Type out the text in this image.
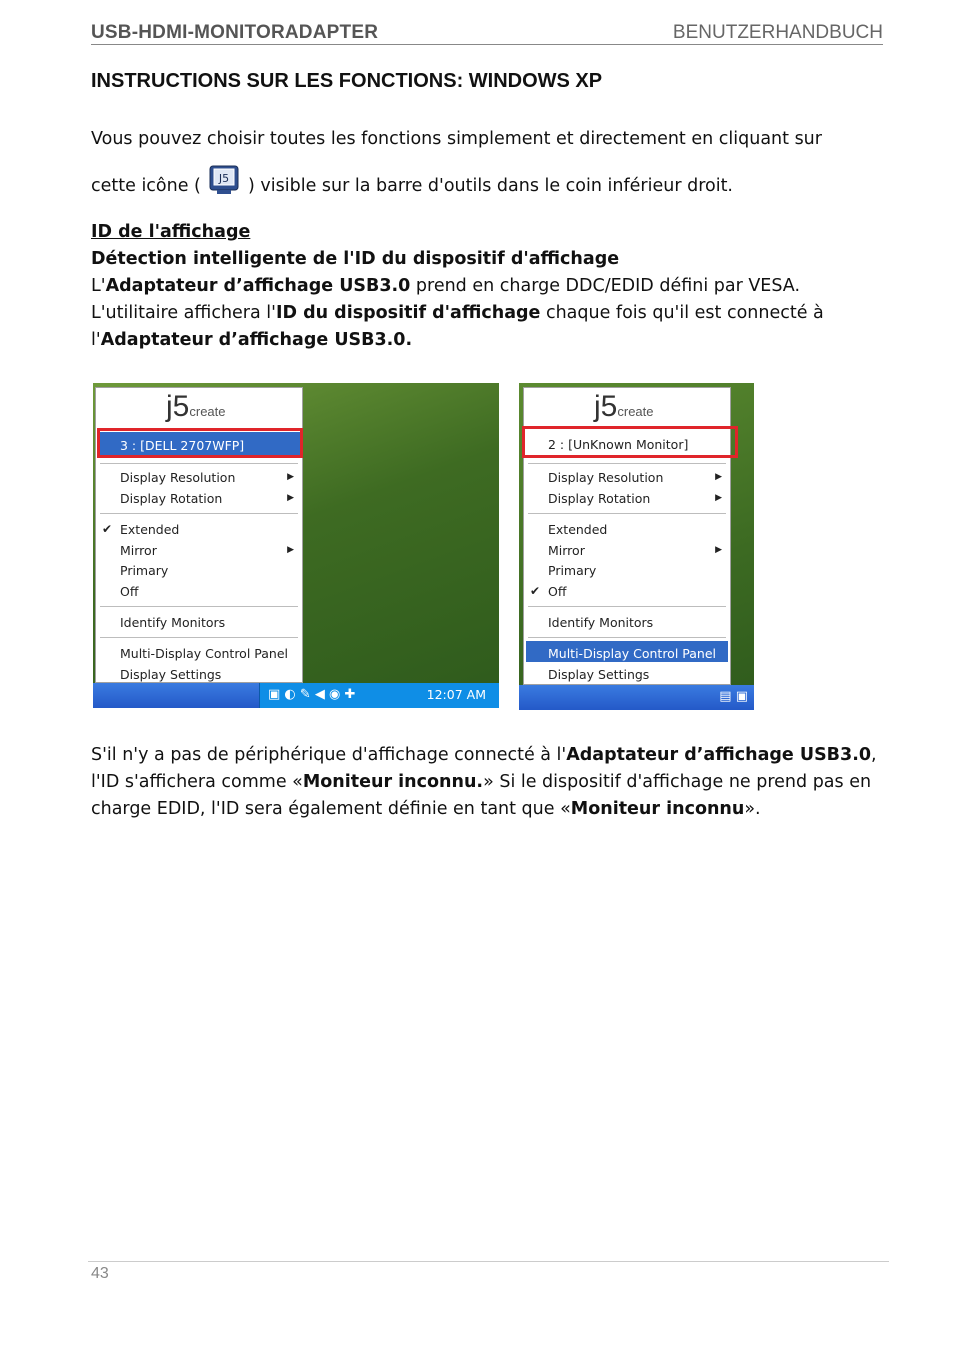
USB-HDMI-MONITORADAPTER	BENUTZERHANDBUCH
INSTRUCTIONS SUR LES FONCTIONS: WINDOWS XP
Vous pouvez choisir toutes les fonctions simplement et directement en cliquant sur
cette icône ( J5 ) visible sur la barre d'outils dans le coin inférieur droit.
ID de l'affichage
Détection intelligente de l'ID du dispositif d'affichage
L'Adaptateur d’affichage USB3.0 prend en charge DDC/EDID défini par VESA.
L'utilitaire affichera l'ID du dispositif d'affichage chaque fois qu'il est connecté à
l'Adaptateur d’affichage USB3.0.
j5create
3 : [DELL 2707WFP]
Display Resolution	▶
Display Rotation	▶
✔ Extended
Mirror	▶
Primary
Off
Identify Monitors
Multi-Display Control Panel
Display Settings
▣ ◐ ✎ ◀ ◉ ✚	12:07 AM
j5create
2 : [UnKnown Monitor]
Display Resolution	▶
Display Rotation	▶
Extended
Mirror	▶
Primary
✔ Off
Identify Monitors
Multi-Display Control Panel
Display Settings
▤ ▣
S'il n'y a pas de périphérique d'affichage connecté à l'Adaptateur d’affichage USB3.0,
l'ID s'affichera comme «Moniteur inconnu.» Si le dispositif d'affichage ne prend pas en
charge EDID, l'ID sera également définie en tant que «Moniteur inconnu».
43
